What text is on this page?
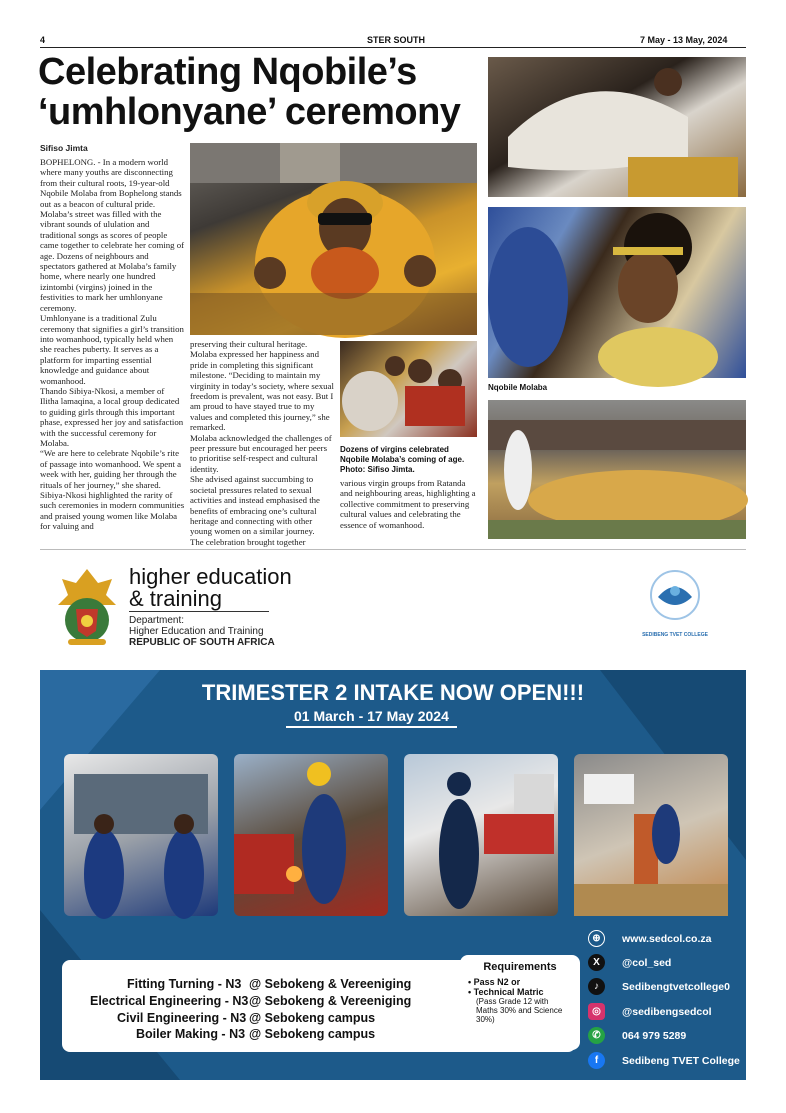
4	STER SOUTH	7 May - 13 May, 2024
Celebrating Nqobile’s
‘umhlonyane’ ceremony
Sifiso Jimta

BOPHELONG. - In a modern world where many youths are disconnecting from their cultural roots, 19-year-old Nqobile Molaba from Bophelong stands out as a beacon of cultural pride.

Molaba’s street was filled with the vibrant sounds of ululation and traditional songs as scores of people came together to celebrate her coming of age. Dozens of neighbours and spectators gathered at Molaba’s family home, where nearly one hundred izintombi (virgins) joined in the festivities to mark her umhlonyane ceremony.

Umhlonyane is a traditional Zulu ceremony that signifies a girl’s transition into womanhood, typically held when she reaches puberty. It serves as a platform for imparting essential knowledge and guidance about womanhood.

Thando Sibiya-Nkosi, a member of Ilitha lamaqina, a local group dedicated to guiding girls through this important phase, expressed her joy and satisfaction with the successful ceremony for Molaba.

“We are here to celebrate Nqobile’s rite of passage into womanhood. We spent a week with her, guiding her through the rituals of her journey,” she shared.

Sibiya-Nkosi highlighted the rarity of such ceremonies in modern communities and praised young women like Molaba for valuing and

preserving their cultural heritage.

Molaba expressed her happiness and pride in completing this significant milestone. “Deciding to maintain my virginity in today’s society, where sexual freedom is prevalent, was not easy. But I am proud to have stayed true to my values and completed this journey,” she remarked.

Molaba acknowledged the challenges of peer pressure but encouraged her peers to prioritise self-respect and cultural identity.

She advised against succumbing to societal pressures related to sexual activities and instead emphasised the benefits of embracing one’s cultural heritage and connecting with other young women on a similar journey.

The celebration brought together

Dozens of virgins celebrated Nqobile Molaba’s coming of age. Photo: Sifiso Jimta.

various virgin groups from Ratanda and neighbouring areas, highlighting a collective commitment to preserving cultural values and celebrating the essence of womanhood.

Nqobile Molaba
higher education
& training
Department:
Higher Education and Training
REPUBLIC OF SOUTH AFRICA
SEDIBENG TVET COLLEGE
TRIMESTER 2 INTAKE NOW OPEN!!!
01 March - 17 May 2024
Fitting Turning - N3 @ Sebokeng & Vereeniging
Electrical Engineering - N3 @ Sebokeng & Vereeniging
Civil Engineering - N3 @ Sebokeng campus
Boiler Making - N3 @ Sebokeng campus
Requirements
• Pass N2 or
• Technical Matric
(Pass Grade 12 with Maths 30% and Science 30%)
⊕	www.sedcol.co.za
X	@col_sed
♪	Sedibengtvetcollege0
◎	@sedibengsedcol
✆	064 979 5289
f	Sedibeng TVET College
